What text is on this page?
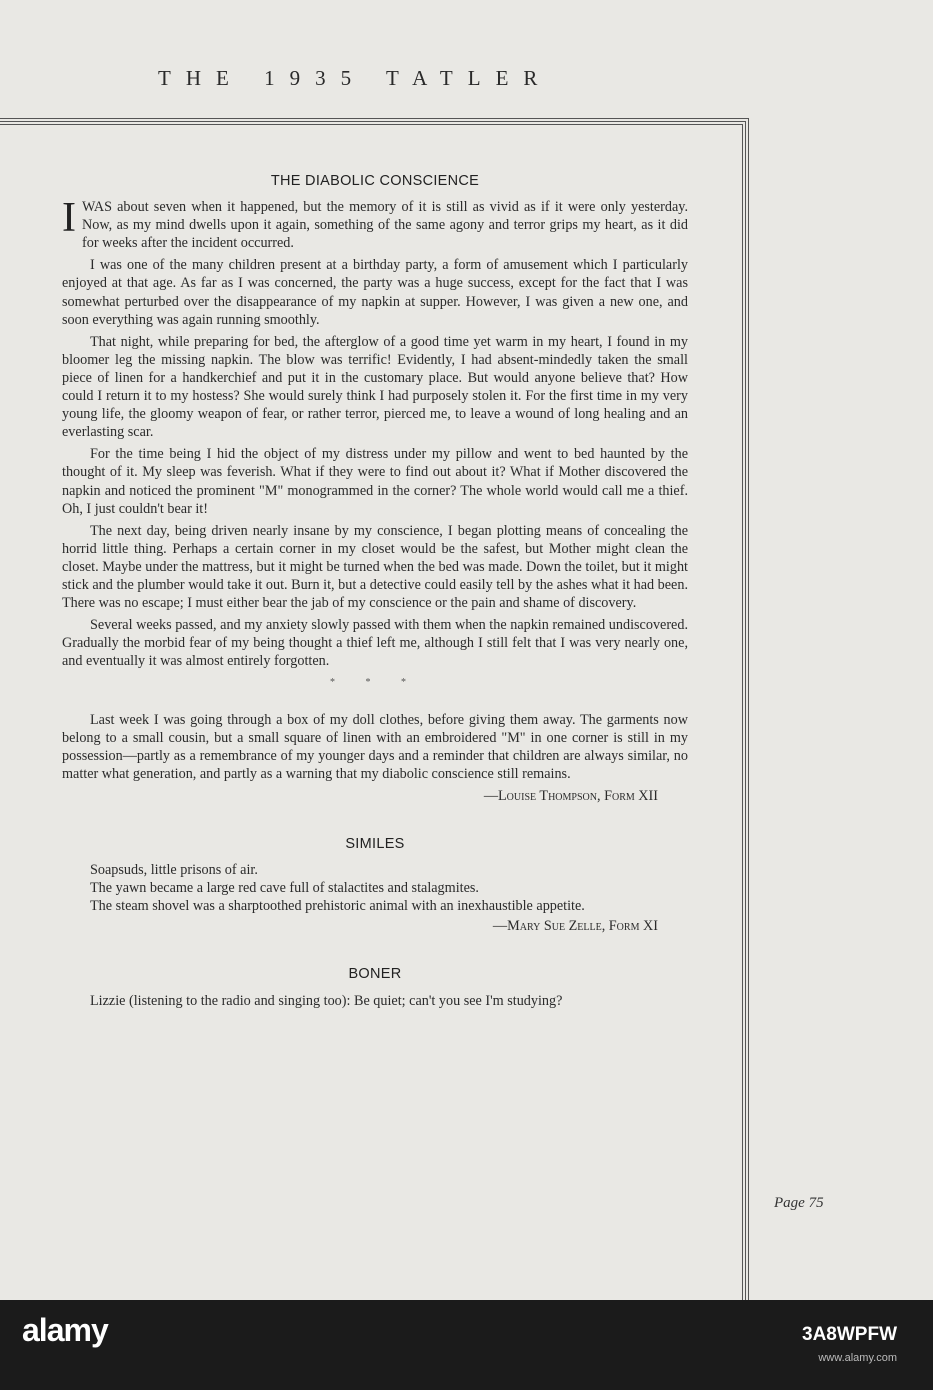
THE 1935 TATLER
THE DIABOLIC CONSCIENCE

IWAS about seven when it happened, but the memory of it is still as vivid as if it were only yesterday. Now, as my mind dwells upon it again, something of the same agony and terror grips my heart, as it did for weeks after the incident occurred.

I was one of the many children present at a birthday party, a form of amusement which I particularly enjoyed at that age. As far as I was concerned, the party was a huge success, except for the fact that I was somewhat perturbed over the disappearance of my napkin at supper. However, I was given a new one, and soon everything was again running smoothly.

That night, while preparing for bed, the afterglow of a good time yet warm in my heart, I found in my bloomer leg the missing napkin. The blow was terrific! Evidently, I had absent-mindedly taken the small piece of linen for a handkerchief and put it in the customary place. But would anyone believe that? How could I return it to my hostess? She would surely think I had purposely stolen it. For the first time in my very young life, the gloomy weapon of fear, or rather terror, pierced me, to leave a wound of long healing and an everlasting scar.

For the time being I hid the object of my distress under my pillow and went to bed haunted by the thought of it. My sleep was feverish. What if they were to find out about it? What if Mother discovered the napkin and noticed the prominent "M" monogrammed in the corner? The whole world would call me a thief. Oh, I just couldn't bear it!

The next day, being driven nearly insane by my conscience, I began plotting means of concealing the horrid little thing. Perhaps a certain corner in my closet would be the safest, but Mother might clean the closet. Maybe under the mattress, but it might be turned when the bed was made. Down the toilet, but it might stick and the plumber would take it out. Burn it, but a detective could easily tell by the ashes what it had been. There was no escape; I must either bear the jab of my conscience or the pain and shame of discovery.

Several weeks passed, and my anxiety slowly passed with them when the napkin remained undiscovered. Gradually the morbid fear of my being thought a thief left me, although I still felt that I was very nearly one, and eventually it was almost entirely forgotten.

* * *

Last week I was going through a box of my doll clothes, before giving them away. The garments now belong to a small cousin, but a small square of linen with an embroidered "M" in one corner is still in my possession—partly as a remembrance of my younger days and a reminder that children are always similar, no matter what generation, and partly as a warning that my diabolic conscience still remains.

—Louise Thompson, Form XII
SIMILES
Soapsuds, little prisons of air.
The yawn became a large red cave full of stalactites and stalagmites.
The steam shovel was a sharptoothed prehistoric animal with an inexhaustible appetite.
—Mary Sue Zelle, Form XI
BONER

Lizzie (listening to the radio and singing too): Be quiet; can't you see I'm studying?

Page 75
alamy	3A8WPFW
www.alamy.com
